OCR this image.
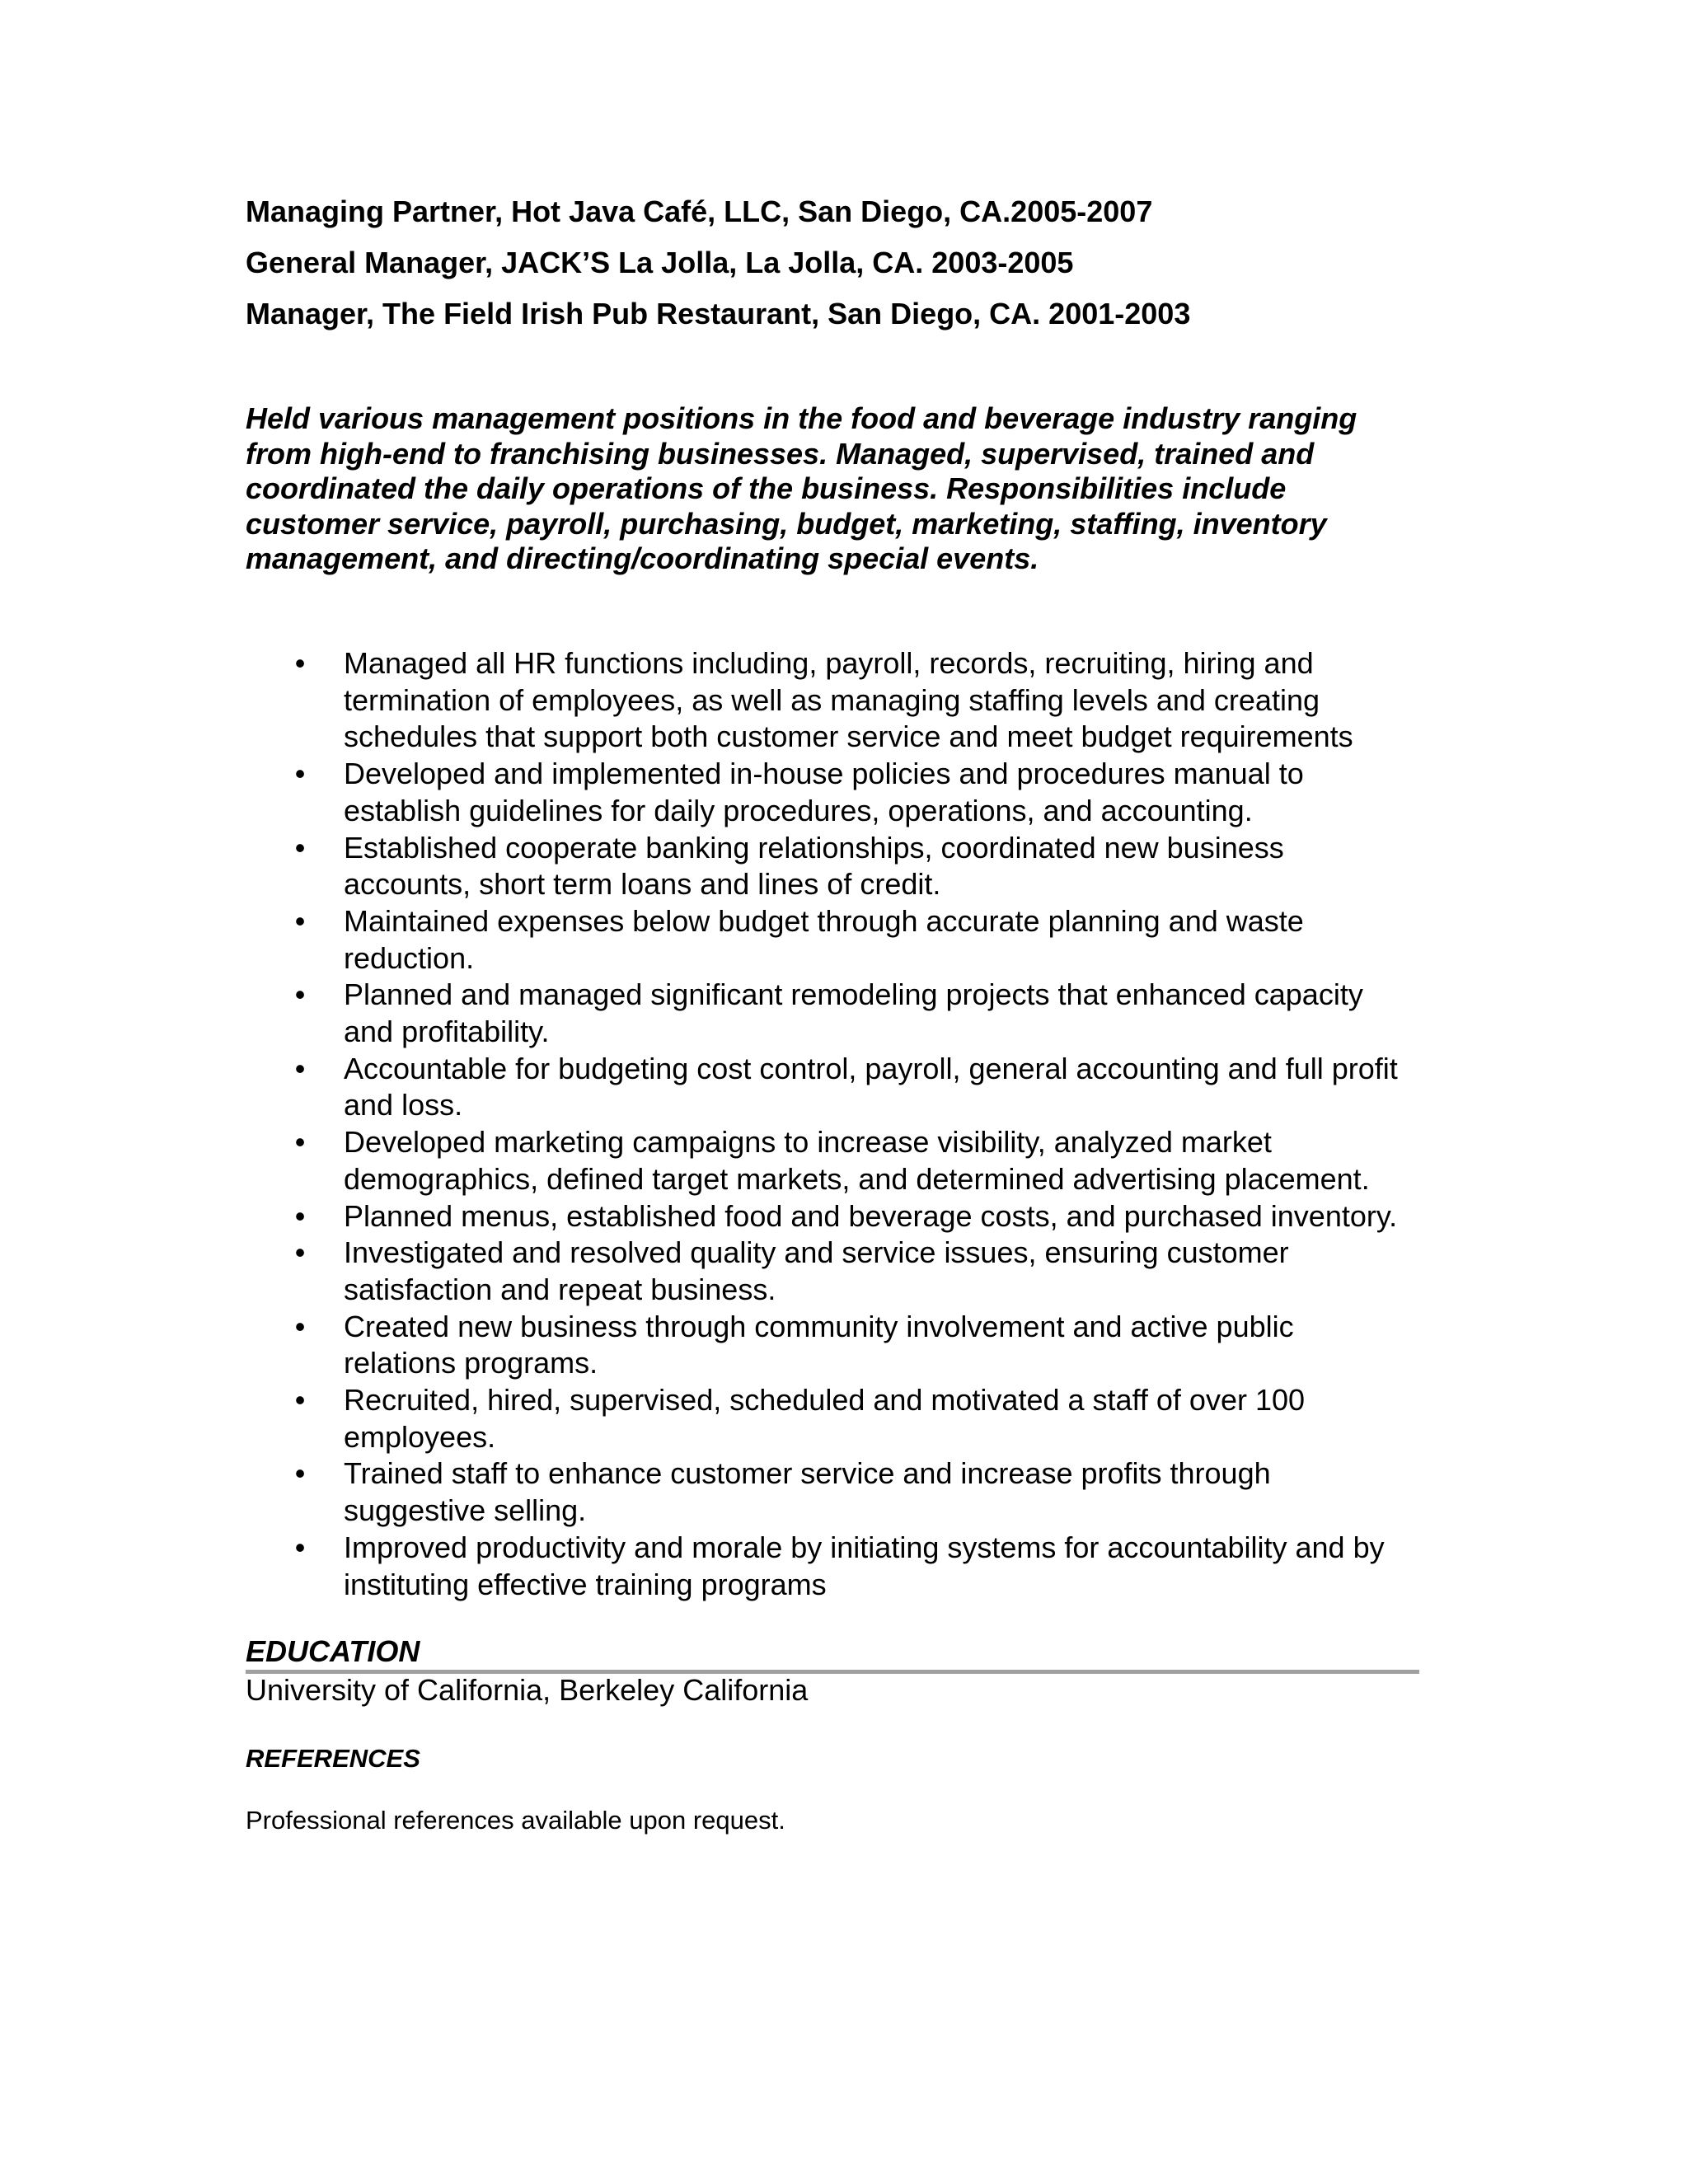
Managing Partner, Hot Java Café, LLC, San Diego, CA.2005-2007

General Manager, JACK’S La Jolla, La Jolla, CA. 2003-2005

Manager, The Field Irish Pub Restaurant, San Diego, CA. 2001-2003

Held various management positions in the food and beverage industry ranging
from high-end to franchising businesses. Managed, supervised, trained and
coordinated the daily operations of the business. Responsibilities include
customer service, payroll, purchasing, budget, marketing, staffing, inventory
management, and directing/coordinating special events.

• Managed all HR functions including, payroll, records, recruiting, hiring and
termination of employees, as well as managing staffing levels and creating
schedules that support both customer service and meet budget requirements
• Developed and implemented in-house policies and procedures manual to
establish guidelines for daily procedures, operations, and accounting.
• Established cooperate banking relationships, coordinated new business
accounts, short term loans and lines of credit.
• Maintained expenses below budget through accurate planning and waste
reduction.
• Planned and managed significant remodeling projects that enhanced capacity
and profitability.
• Accountable for budgeting cost control, payroll, general accounting and full profit
and loss.
• Developed marketing campaigns to increase visibility, analyzed market
demographics, defined target markets, and determined advertising placement.
• Planned menus, established food and beverage costs, and purchased inventory.
• Investigated and resolved quality and service issues, ensuring customer
satisfaction and repeat business.
• Created new business through community involvement and active public
relations programs.
• Recruited, hired, supervised, scheduled and motivated a staff of over 100
employees.
• Trained staff to enhance customer service and increase profits through
suggestive selling.
• Improved productivity and morale by initiating systems for accountability and by
instituting effective training programs
EDUCATION

University of California, Berkeley California

REFERENCES

Professional references available upon request.
